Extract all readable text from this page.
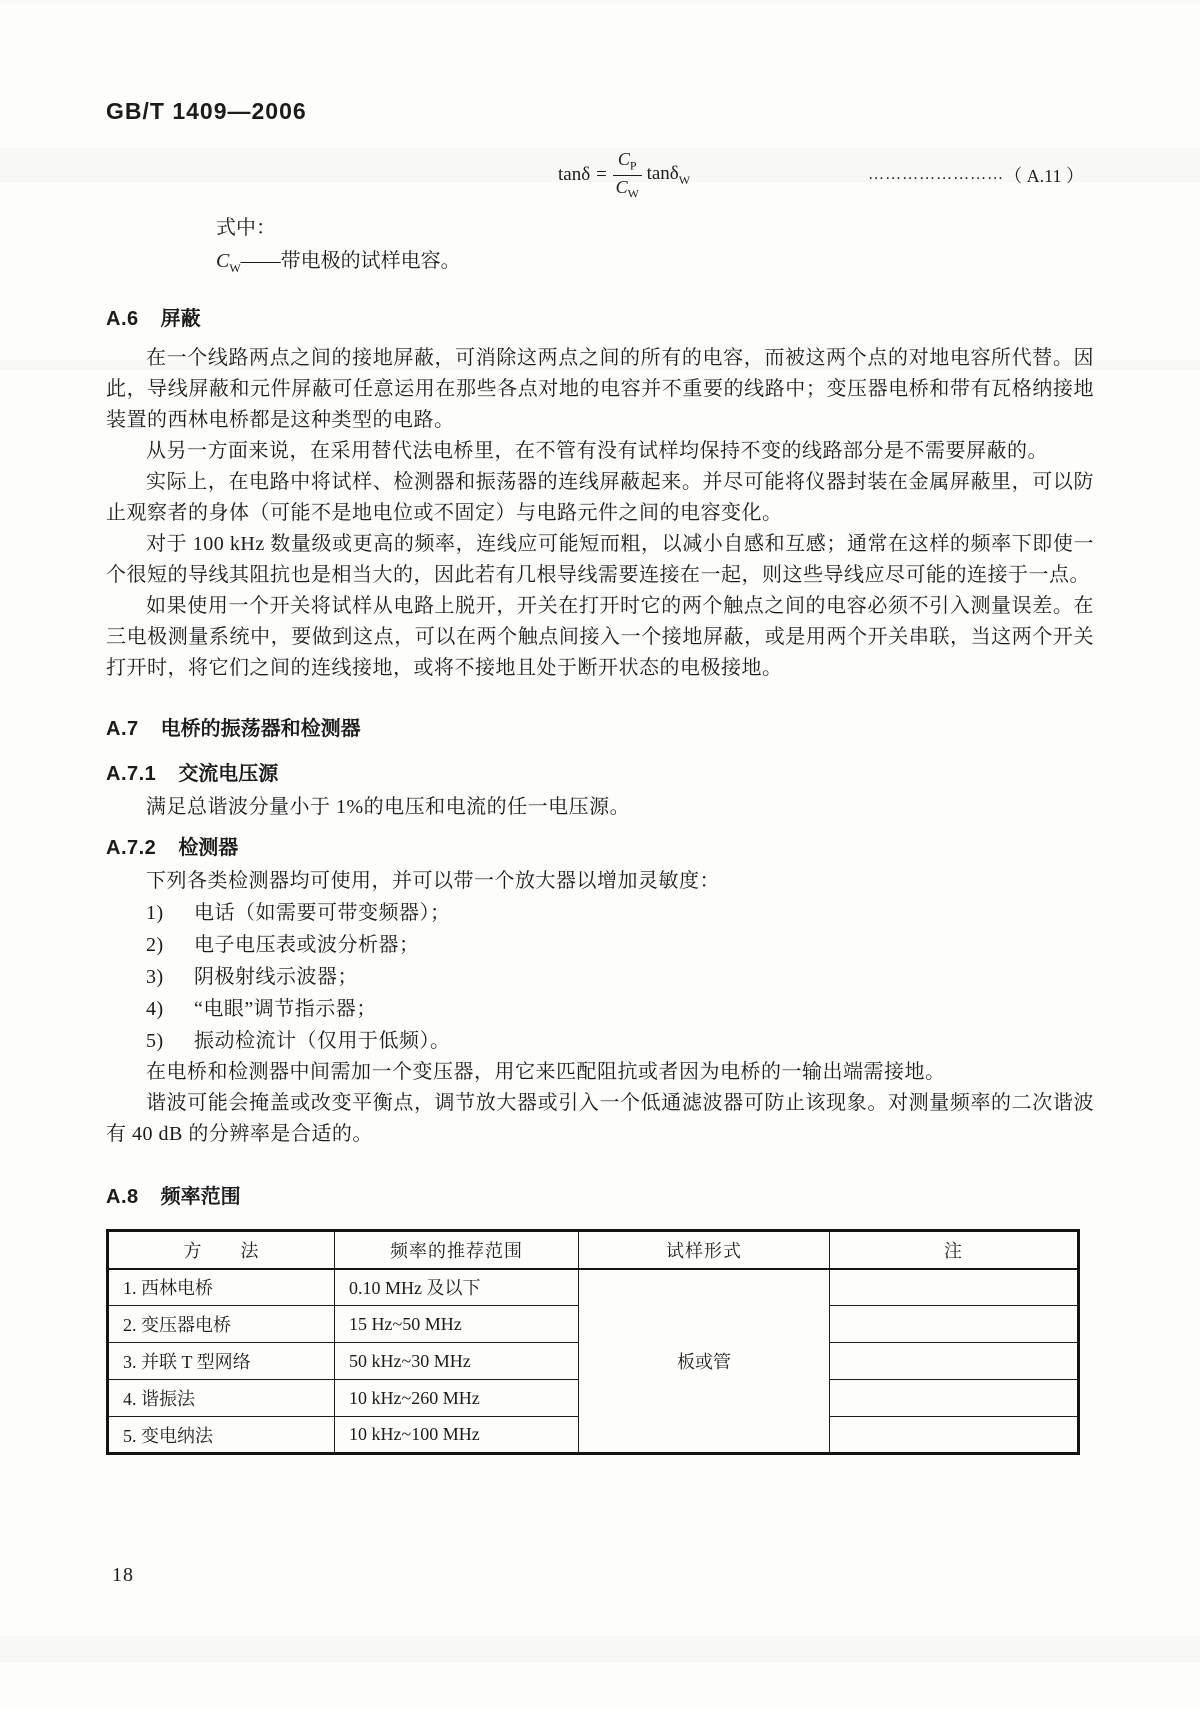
GB/T 1409—2006
$\tan\delta = \frac{C_P}{C_W} \tan\delta_W$	…………………… （ A.11 ）
式中：
$C_W——$带电极的试样电容。
A.6 屏蔽

在一个线路两点之间的接地屏蔽，可消除这两点之间的所有的电容，而被这两个点的对地电容所代替。因此，导线屏蔽和元件屏蔽可任意运用在那些各点对地的电容并不重要的线路中；变压器电桥和带有瓦格纳接地装置的西林电桥都是这种类型的电路。

从另一方面来说，在采用替代法电桥里，在不管有没有试样均保持不变的线路部分是不需要屏蔽的。

实际上，在电路中将试样、检测器和振荡器的连线屏蔽起来。并尽可能将仪器封装在金属屏蔽里，可以防止观察者的身体（可能不是地电位或不固定）与电路元件之间的电容变化。

对于 100 kHz 数量级或更高的频率，连线应可能短而粗，以减小自感和互感；通常在这样的频率下即使一个很短的导线其阻抗也是相当大的，因此若有几根导线需要连接在一起，则这些导线应尽可能的连接于一点。

如果使用一个开关将试样从电路上脱开，开关在打开时它的两个触点之间的电容必须不引入测量误差。在三电极测量系统中，要做到这点，可以在两个触点间接入一个接地屏蔽，或是用两个开关串联，当这两个开关打开时，将它们之间的连线接地，或将不接地且处于断开状态的电极接地。

A.7 电桥的振荡器和检测器
A.7.1 交流电压源

满足总谐波分量小于 1%的电压和电流的任一电压源。

A.7.2 检测器

下列各类检测器均可使用，并可以带一个放大器以增加灵敏度：

1)	电话（如需要可带变频器）；
2)	电子电压表或波分析器；
3)	阴极射线示波器；
4)	“电眼”调节指示器；
5)	振动检流计（仅用于低频）。

在电桥和检测器中间需加一个变压器，用它来匹配阻抗或者因为电桥的一输出端需接地。

谐波可能会掩盖或改变平衡点，调节放大器或引入一个低通滤波器可防止该现象。对测量频率的二次谐波有 40 dB 的分辨率是合适的。

A.8 频率范围
方　　法	频率的推荐范围	试样形式	注
1. 西林电桥	0.10 MHz 及以下	板或管	
2. 变压器电桥	15 Hz~50 MHz		
3. 并联 T 型网络	50 kHz~30 MHz		
4. 谐振法	10 kHz~260 MHz		
5. 变电纳法	10 kHz~100 MHz		
18
